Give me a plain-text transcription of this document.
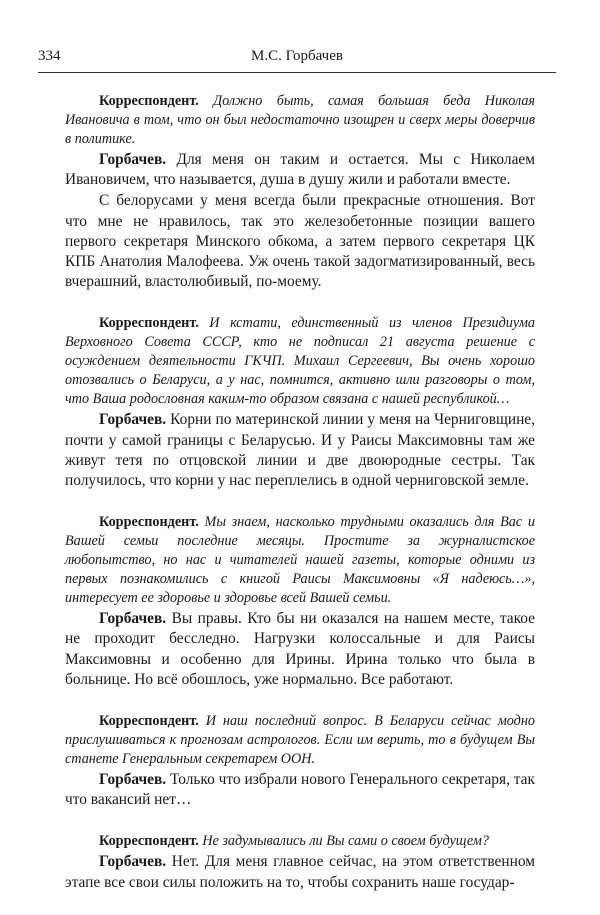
334	М.С. Горбачев

Корреспондент. Должно быть, самая большая беда Николая Ивановича в том, что он был недостаточно изощрен и сверх меры доверчив в политике.

Горбачев. Для меня он таким и остается. Мы с Николаем Ивановичем, что называется, душа в душу жили и работали вместе.

С белорусами у меня всегда были прекрасные отношения. Вот что мне не нравилось, так это железобетонные позиции вашего первого секретаря Минского обкома, а затем первого секретаря ЦК КПБ Анатолия Малофеева. Уж очень такой задогматизированный, весь вчерашний, властолюбивый, по-моему.

Корреспондент. И кстати, единственный из членов Президиума Верховного Совета СССР, кто не подписал 21 августа решение с осуждением деятельности ГКЧП. Михаил Сергеевич, Вы очень хорошо отозвались о Беларуси, а у нас, помнится, активно шли разговоры о том, что Ваша родословная каким-то образом связана с нашей республикой…

Горбачев. Корни по материнской линии у меня на Черниговщине, почти у самой границы с Беларусью. И у Раисы Максимовны там же живут тетя по отцовской линии и две двоюродные сестры. Так получилось, что корни у нас переплелись в одной черниговской земле.

Корреспондент. Мы знаем, насколько трудными оказались для Вас и Вашей семьи последние месяцы. Простите за журналистское любопытство, но нас и читателей нашей газеты, которые одними из первых познакомились с книгой Раисы Максимовны «Я надеюсь…», интересует ее здоровье и здоровье всей Вашей семьи.

Горбачев. Вы правы. Кто бы ни оказался на нашем месте, такое не проходит бесследно. Нагрузки колоссальные и для Раисы Максимовны и особенно для Ирины. Ирина только что была в больнице. Но всё обошлось, уже нормально. Все работают.

Корреспондент. И наш последний вопрос. В Беларуси сейчас модно прислушиваться к прогнозам астрологов. Если им верить, то в будущем Вы станете Генеральным секретарем ООН.

Горбачев. Только что избрали нового Генерального секретаря, так что вакансий нет…

Корреспондент. Не задумывались ли Вы сами о своем будущем?

Горбачев. Нет. Для меня главное сейчас, на этом ответственном этапе все свои силы положить на то, чтобы сохранить наше государ-
